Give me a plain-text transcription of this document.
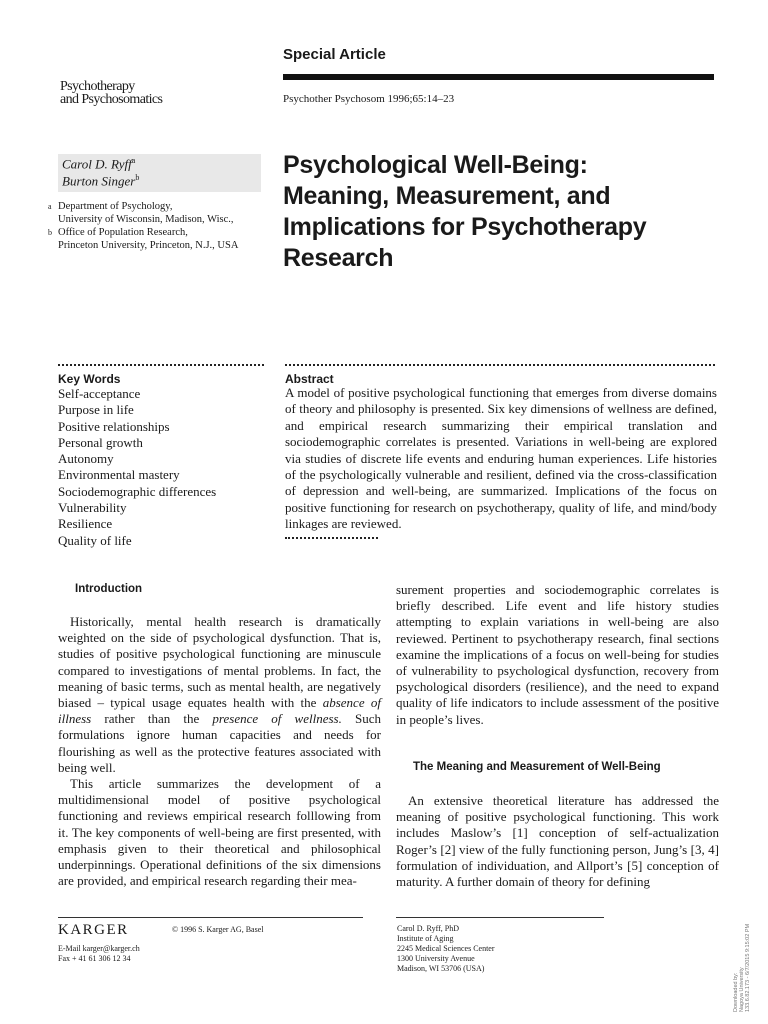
Special Article
Psychotherapy
and Psychosomatics	Psychother Psychosom 1996;65:14–23
Carol D. Ryff$^a$
Burton Singer$^b$
a Department of Psychology,
University of Wisconsin, Madison, Wisc.,
b Office of Population Research,
Princeton University, Princeton, N.J., USA
Psychological Well-Being:
Meaning, Measurement, and
Implications for Psychotherapy
Research
Key Words
Self-acceptance
Purpose in life
Positive relationships
Personal growth
Autonomy
Environmental mastery
Sociodemographic differences
Vulnerability
Resilience
Quality of life
Abstract

A model of positive psychological functioning that emerges from diverse domains of theory and philosophy is presented. Six key dimensions of wellness are defined, and empirical research summarizing their empirical translation and sociodemographic correlates is presented. Variations in well-being are explored via studies of discrete life events and enduring human experiences. Life histories of the psychologically vulnerable and resilient, defined via the cross-classification of depression and well-being, are summarized. Implications of the focus on positive functioning for research on psychotherapy, quality of life, and mind/body linkages are reviewed.

Introduction

Historically, mental health research is dramatically weighted on the side of psychological dysfunction. That is, studies of positive psychological functioning are minuscule compared to investigations of mental problems. In fact, the meaning of basic terms, such as mental health, are negatively biased – typical usage equates health with the absence of illness rather than the presence of wellness. Such formulations ignore human capacities and needs for flourishing as well as the protective features associated with being well.

This article summarizes the development of a multidimensional model of positive psychological functioning and reviews empirical research folllowing from it. The key components of well-being are first presented, with emphasis given to their theoretical and philosophical underpinnings. Operational definitions of the six dimensions are provided, and empirical research regarding their mea-

surement properties and sociodemographic correlates is briefly described. Life event and life history studies attempting to explain variations in well-being are also reviewed. Pertinent to psychotherapy research, final sections examine the implications of a focus on well-being for studies of vulnerability to psychological dysfunction, recovery from psychological disorders (resilience), and the need to expand quality of life indicators to include assessment of the positive in people’s lives.

The Meaning and Measurement of Well-Being

An extensive theoretical literature has addressed the meaning of positive psychological functioning. This work includes Maslow’s [1] conception of self-actualization Roger’s [2] view of the fully functioning person, Jung’s [3, 4] formulation of individuation, and Allport’s [5] conception of maturity. A further domain of theory for defining

KARGER	© 1996 S. Karger AG, Basel
E-Mail karger@karger.ch
Fax + 41 61 306 12 34
Carol D. Ryff, PhD
Institute of Aging
2245 Medical Sciences Center
1300 University Avenue
Madison, WI 53706 (USA)
Downloaded by: Nagoya University 133.6.82.173 - 6/7/2015 9:15:02 PM
